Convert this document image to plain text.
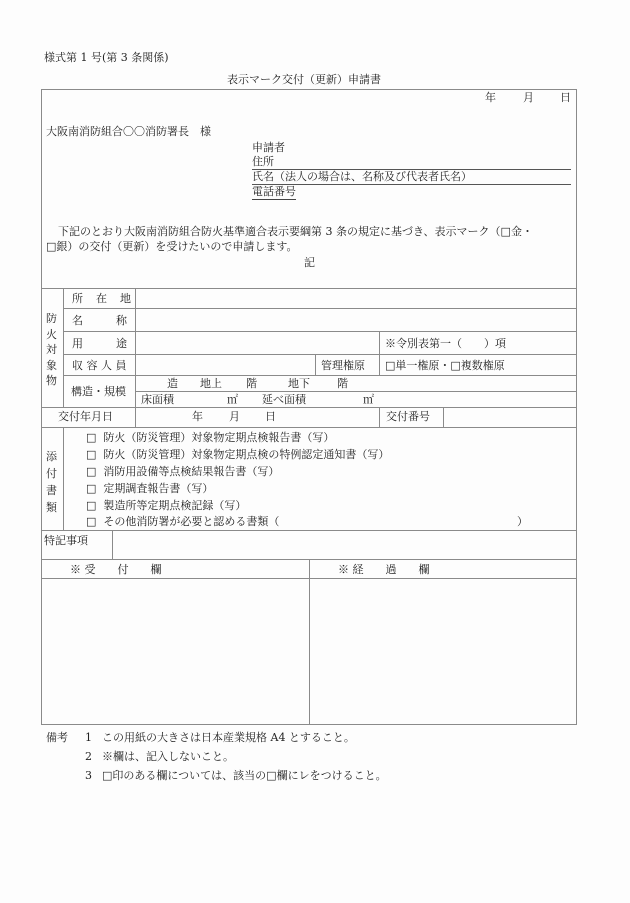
様式第 1 号(第 3 条関係)
表示マーク交付（更新）申請書
年 月 日
大阪南消防組合〇〇消防署長　様
申請者
住所
氏名（法人の場合は、名称及び代表者氏名）
電話番号
下記のとおり大阪南消防組合防火基準適合表示要綱第 3 条の規定に基づき、表示マーク（□金・
□銀）の交付（更新）を受けたいので申請します。
記
防
火
対
象
物
所　在　地
名　　　称
用　　　途	※令別表第一（　　）項
収 容 人 員	管理権原 □単一権原・□複数権原
構造・規模
造 地上 階	地下 階
床面積	㎡ 延べ面積	㎡
交付年月日	年 月 日	交付番号
添
付
書
類
□ 防火（防災管理）対象物定期点検報告書（写）
□ 防火（防災管理）対象物定期点検の特例認定通知書（写）
□ 消防用設備等点検結果報告書（写）
□ 定期調査報告書（写）
□ 製造所等定期点検記録（写）
□ その他消防署が必要と認める書類（	）
特記事項
※ 受　　付　　欄	※ 経　　過　　欄
備考 1 この用紙の大きさは日本産業規格 A4 とすること。
2 ※欄は、記入しないこと。
3 □印のある欄については、該当の□欄にレをつけること。
